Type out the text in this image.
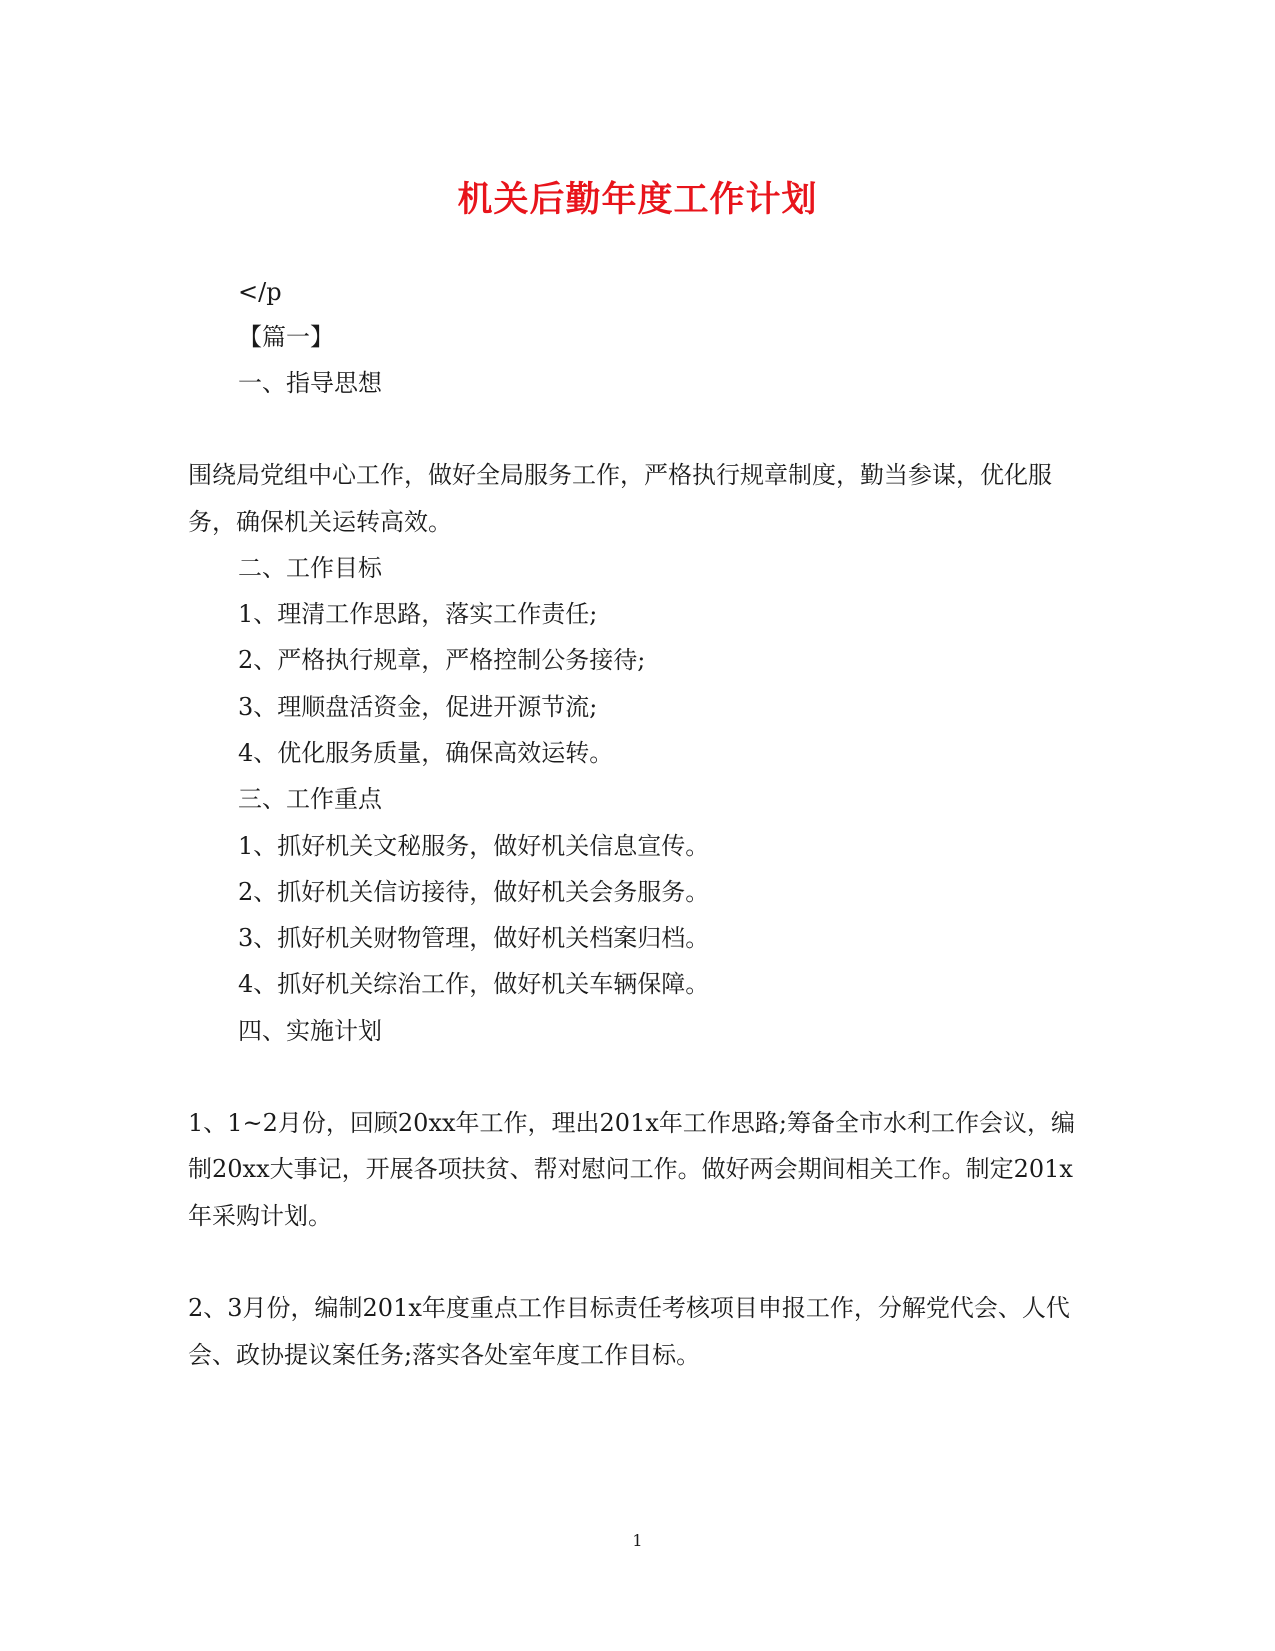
机关后勤年度工作计划

</p

【篇一】

一、指导思想

围绕局党组中心工作，做好全局服务工作，严格执行规章制度，勤当参谋，优化服

务，确保机关运转高效。

二、工作目标

1、理清工作思路，落实工作责任;

2、严格执行规章，严格控制公务接待;

3、理顺盘活资金，促进开源节流;

4、优化服务质量，确保高效运转。

三、工作重点

1、抓好机关文秘服务，做好机关信息宣传。

2、抓好机关信访接待，做好机关会务服务。

3、抓好机关财物管理，做好机关档案归档。

4、抓好机关综治工作，做好机关车辆保障。

四、实施计划

1、1~2月份，回顾20xx年工作，理出201x年工作思路;筹备全市水利工作会议，编

制20xx大事记，开展各项扶贫、帮对慰问工作。做好两会期间相关工作。制定201x

年采购计划。

2、3月份，编制201x年度重点工作目标责任考核项目申报工作，分解党代会、人代

会、政协提议案任务;落实各处室年度工作目标。

1
